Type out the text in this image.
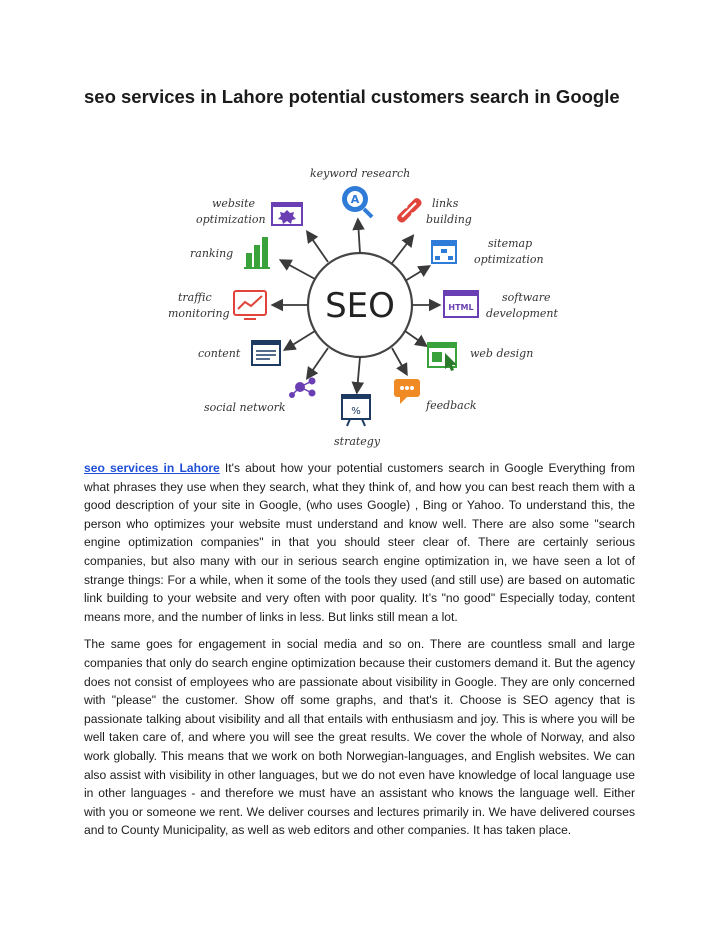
seo services in Lahore potential customers search in Google
SEO
A
keyword research
links
building
sitemap
optimization
HTML
software
development
web design
feedback
%
strategy
social network
content
traffic
monitoring
ranking
website
optimization

seo services in Lahore It's about how your potential customers search in Google Everything from what phrases they use when they search, what they think of, and how you can best reach them with a good description of your site in Google, (who uses Google) , Bing or Yahoo. To understand this, the person who optimizes your website must understand and know well. There are also some "search engine optimization companies" in that you should steer clear of. There are certainly serious companies, but also many with our in serious search engine optimization in, we have seen a lot of strange things: For a while, when it some of the tools they used (and still use) are based on automatic link building to your website and very often with poor quality. It’s "no good" Especially today, content means more, and the number of links in less. But links still mean a lot.

The same goes for engagement in social media and so on. There are countless small and large companies that only do search engine optimization because their customers demand it. But the agency does not consist of employees who are passionate about visibility in Google. They are only concerned with "please" the customer. Show off some graphs, and that's it. Choose is SEO agency that is passionate talking about visibility and all that entails with enthusiasm and joy. This is where you will be well taken care of, and where you will see the great results. We cover the whole of Norway, and also work globally. This means that we work on both Norwegian-languages, and English websites. We can also assist with visibility in other languages, but we do not even have knowledge of local language use in other languages - and therefore we must have an assistant who knows the language well. Either with you or someone we rent. We deliver courses and lectures primarily in. We have delivered courses and to County Municipality, as well as web editors and other companies. It has taken place.
